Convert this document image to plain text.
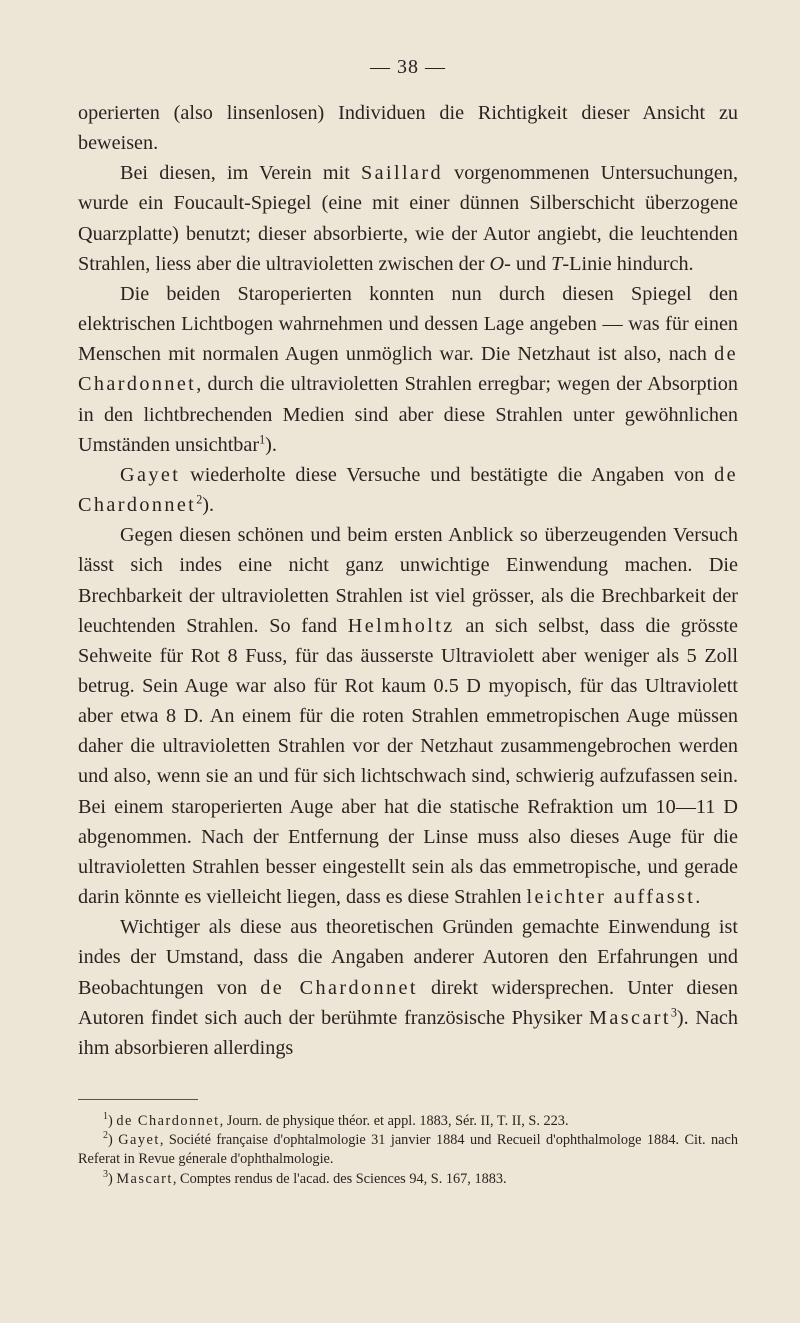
— 38 —

operierten (also linsenlosen) Individuen die Richtigkeit dieser Ansicht zu beweisen.

Bei diesen, im Verein mit Saillard vorgenommenen Untersuchungen, wurde ein Foucault-Spiegel (eine mit einer dünnen Silberschicht überzogene Quarzplatte) benutzt; dieser absorbierte, wie der Autor angiebt, die leuchtenden Strahlen, liess aber die ultravioletten zwischen der O- und T-Linie hindurch.

Die beiden Staroperierten konnten nun durch diesen Spiegel den elektrischen Lichtbogen wahrnehmen und dessen Lage angeben — was für einen Menschen mit normalen Augen unmöglich war. Die Netzhaut ist also, nach de Chardonnet, durch die ultravioletten Strahlen erregbar; wegen der Absorption in den lichtbrechenden Medien sind aber diese Strahlen unter gewöhnlichen Umständen unsichtbar$^1$).

Gayet wiederholte diese Versuche und bestätigte die Angaben von de Chardonnet$^2$).

Gegen diesen schönen und beim ersten Anblick so überzeugenden Versuch lässt sich indes eine nicht ganz unwichtige Einwendung machen. Die Brechbarkeit der ultravioletten Strahlen ist viel grösser, als die Brechbarkeit der leuchtenden Strahlen. So fand Helmholtz an sich selbst, dass die grösste Sehweite für Rot 8 Fuss, für das äusserste Ultraviolett aber weniger als 5 Zoll betrug. Sein Auge war also für Rot kaum 0.5 D myopisch, für das Ultraviolett aber etwa 8 D. An einem für die roten Strahlen emmetropischen Auge müssen daher die ultravioletten Strahlen vor der Netzhaut zusammengebrochen werden und also, wenn sie an und für sich lichtschwach sind, schwierig aufzufassen sein. Bei einem staroperierten Auge aber hat die statische Refraktion um 10—11 D abgenommen. Nach der Entfernung der Linse muss also dieses Auge für die ultravioletten Strahlen besser eingestellt sein als das emmetropische, und gerade darin könnte es vielleicht liegen, dass es diese Strahlen leichter auffasst.

Wichtiger als diese aus theoretischen Gründen gemachte Einwendung ist indes der Umstand, dass die Angaben anderer Autoren den Erfahrungen und Beobachtungen von de Chardonnet direkt widersprechen. Unter diesen Autoren findet sich auch der berühmte französische Physiker Mascart$^3$). Nach ihm absorbieren allerdings

$^1$) de Chardonnet, Journ. de physique théor. et appl. 1883, Sér. II, T. II, S. 223.

$^2$) Gayet, Société française d'ophtalmologie 31 janvier 1884 und Recueil d'ophthalmologe 1884. Cit. nach Referat in Revue génerale d'ophthalmologie.

$^3$) Mascart, Comptes rendus de l'acad. des Sciences 94, S. 167, 1883.
